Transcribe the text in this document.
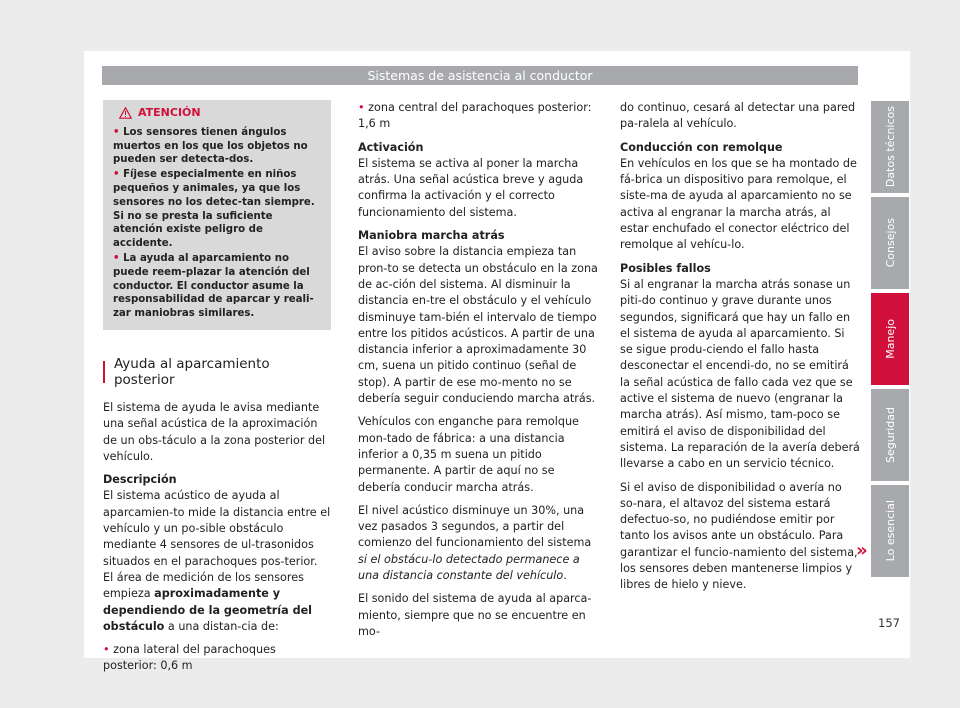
Sistemas de asistencia al conductor
ATENCIÓN
• Los sensores tienen ángulos muertos en los que los objetos no pueden ser detecta-dos.
• Fíjese especialmente en niños pequeños y animales, ya que los sensores no los detec-tan siempre. Si no se presta la suficiente atención existe peligro de accidente.
• La ayuda al aparcamiento no puede reem-plazar la atención del conductor. El conductor asume la responsabilidad de aparcar y reali-zar maniobras similares.
Ayuda al aparcamiento posterior

El sistema de ayuda le avisa mediante una señal acústica de la aproximación de un obs-táculo a la zona posterior del vehículo.

Descripción

El sistema acústico de ayuda al aparcamien-to mide la distancia entre el vehículo y un po-sible obstáculo mediante 4 sensores de ul-trasonidos situados en el parachoques pos-terior. El área de medición de los sensores empieza aproximadamente y dependiendo de la geometría del obstáculo a una distan-cia de:

• zona lateral del parachoques posterior: 0,6 m

• zona central del parachoques posterior: 1,6 m

Activación

El sistema se activa al poner la marcha atrás. Una señal acústica breve y aguda confirma la activación y el correcto funcionamiento del sistema.

Maniobra marcha atrás

El aviso sobre la distancia empieza tan pron-to se detecta un obstáculo en la zona de ac-ción del sistema. Al disminuir la distancia en-tre el obstáculo y el vehículo disminuye tam-bién el intervalo de tiempo entre los pitidos acústicos. A partir de una distancia inferior a aproximadamente 30 cm, suena un pitido continuo (señal de stop). A partir de ese mo-mento no se debería seguir conduciendo marcha atrás.

Vehículos con enganche para remolque mon-tado de fábrica: a una distancia inferior a 0,35 m suena un pitido permanente. A partir de aquí no se debería conducir marcha atrás.

El nivel acústico disminuye un 30%, una vez pasados 3 segundos, a partir del comienzo del funcionamiento del sistema si el obstácu-lo detectado permanece a una distancia constante del vehículo.

El sonido del sistema de ayuda al aparca-miento, siempre que no se encuentre en mo-

do continuo, cesará al detectar una pared pa-ralela al vehículo.

Conducción con remolque

En vehículos en los que se ha montado de fá-brica un dispositivo para remolque, el siste-ma de ayuda al aparcamiento no se activa al engranar la marcha atrás, al estar enchufado el conector eléctrico del remolque al vehícu-lo.

Posibles fallos

Si al engranar la marcha atrás sonase un piti-do continuo y grave durante unos segundos, significará que hay un fallo en el sistema de ayuda al aparcamiento. Si se sigue produ-ciendo el fallo hasta desconectar el encendi-do, no se emitirá la señal acústica de fallo cada vez que se active el sistema de nuevo (engranar la marcha atrás). Así mismo, tam-poco se emitirá el aviso de disponibilidad del sistema. La reparación de la avería deberá llevarse a cabo en un servicio técnico.

Si el aviso de disponibilidad o avería no so-nara, el altavoz del sistema estará defectuo-so, no pudiéndose emitir por tanto los avisos ante un obstáculo. Para garantizar el funcio-namiento del sistema, los sensores deben mantenerse limpios y libres de hielo y nieve.

»
Datos técnicos
Consejos
Manejo
Seguridad
Lo esencial
157
